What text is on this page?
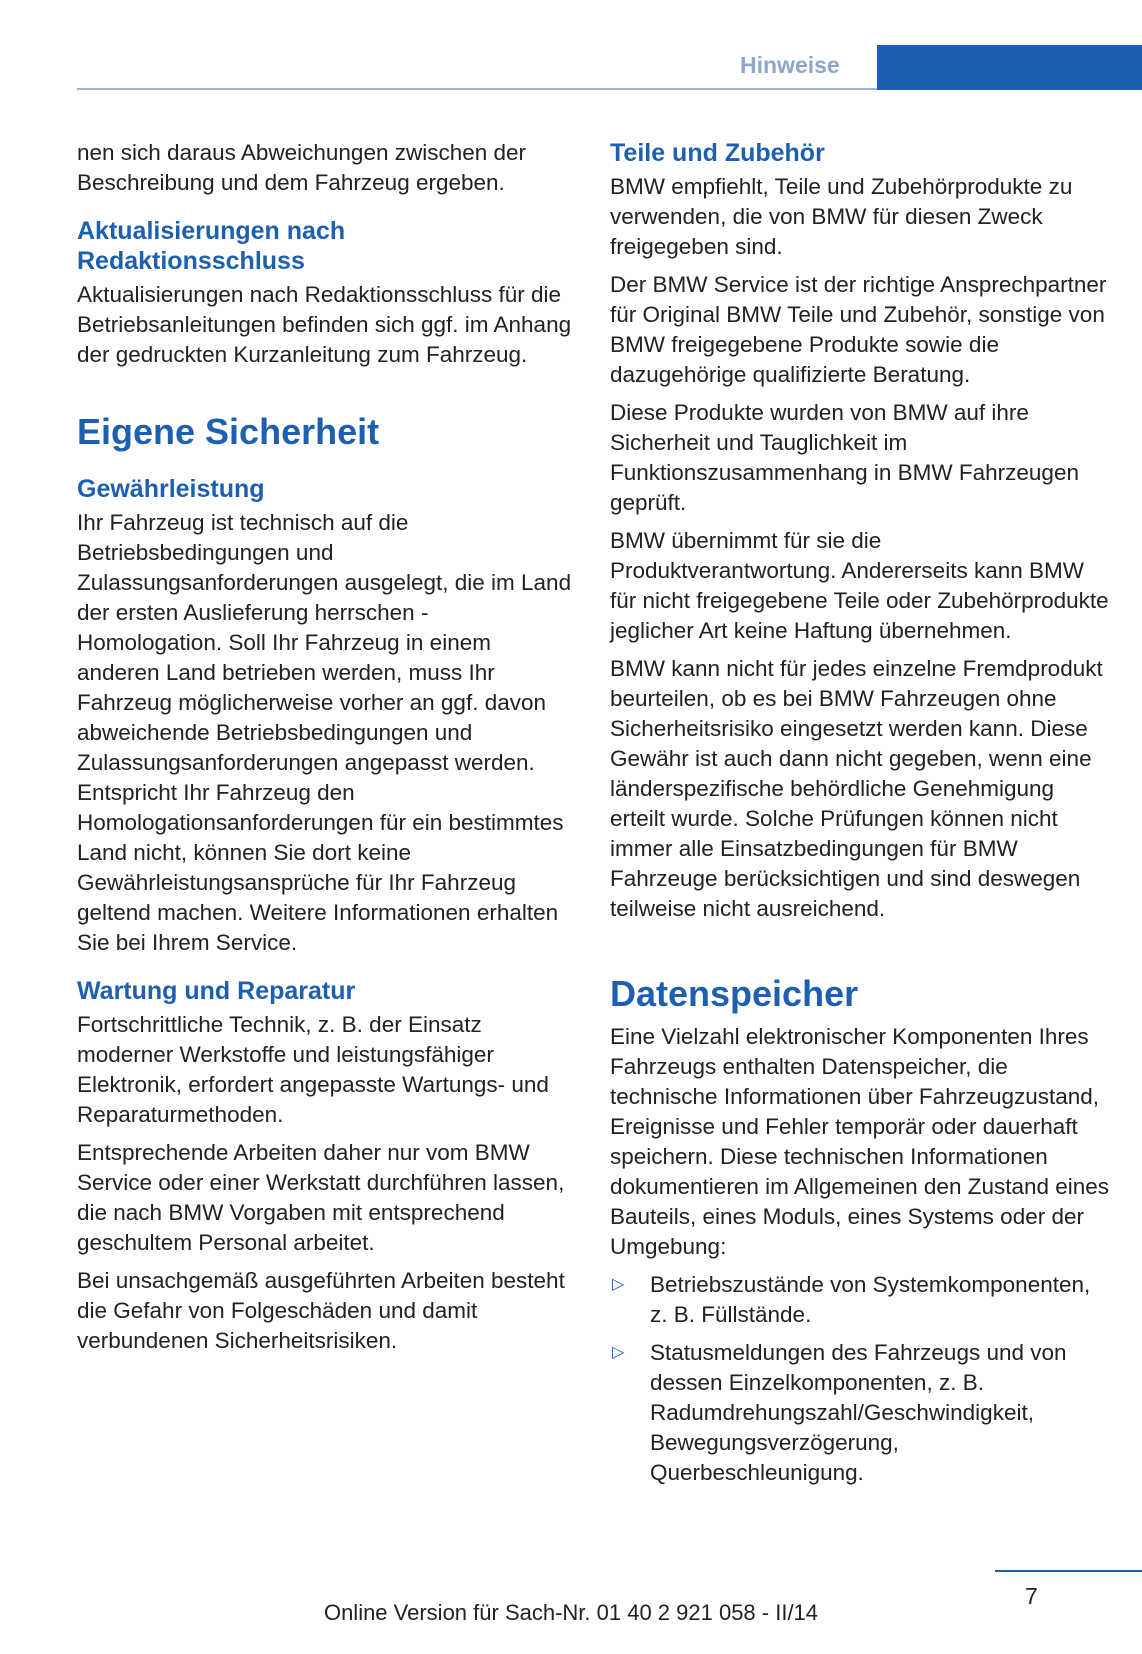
Hinweise

nen sich daraus Abweichungen zwischen der Beschreibung und dem Fahrzeug ergeben.

Aktualisierungen nach Redaktionsschluss

Aktualisierungen nach Redaktionsschluss für die Betriebsanleitungen befinden sich ggf. im Anhang der gedruckten Kurzanleitung zum Fahrzeug.

Eigene Sicherheit
Gewährleistung

Ihr Fahrzeug ist technisch auf die Betriebsbedingungen und Zulassungsanforderungen ausgelegt, die im Land der ersten Auslieferung herrschen - Homologation. Soll Ihr Fahrzeug in einem anderen Land betrieben werden, muss Ihr Fahrzeug möglicherweise vorher an ggf. davon abweichende Betriebsbedingungen und Zulassungsanforderungen angepasst werden. Entspricht Ihr Fahrzeug den Homologationsanforderungen für ein bestimmtes Land nicht, können Sie dort keine Gewährleistungsansprüche für Ihr Fahrzeug geltend machen. Weitere Informationen erhalten Sie bei Ihrem Service.

Wartung und Reparatur

Fortschrittliche Technik, z. B. der Einsatz moderner Werkstoffe und leistungsfähiger Elektronik, erfordert angepasste Wartungs- und Reparaturmethoden.

Entsprechende Arbeiten daher nur vom BMW Service oder einer Werkstatt durchführen lassen, die nach BMW Vorgaben mit entsprechend geschultem Personal arbeitet.

Bei unsachgemäß ausgeführten Arbeiten besteht die Gefahr von Folgeschäden und damit verbundenen Sicherheitsrisiken.

Teile und Zubehör

BMW empfiehlt, Teile und Zubehörprodukte zu verwenden, die von BMW für diesen Zweck freigegeben sind.

Der BMW Service ist der richtige Ansprechpartner für Original BMW Teile und Zubehör, sonstige von BMW freigegebene Produkte sowie die dazugehörige qualifizierte Beratung.

Diese Produkte wurden von BMW auf ihre Sicherheit und Tauglichkeit im Funktionszusammenhang in BMW Fahrzeugen geprüft.

BMW übernimmt für sie die Produktverantwortung. Andererseits kann BMW für nicht freigegebene Teile oder Zubehörprodukte jeglicher Art keine Haftung übernehmen.

BMW kann nicht für jedes einzelne Fremdprodukt beurteilen, ob es bei BMW Fahrzeugen ohne Sicherheitsrisiko eingesetzt werden kann. Diese Gewähr ist auch dann nicht gegeben, wenn eine länderspezifische behördliche Genehmigung erteilt wurde. Solche Prüfungen können nicht immer alle Einsatzbedingungen für BMW Fahrzeuge berücksichtigen und sind deswegen teilweise nicht ausreichend.

Datenspeicher

Eine Vielzahl elektronischer Komponenten Ihres Fahrzeugs enthalten Datenspeicher, die technische Informationen über Fahrzeugzustand, Ereignisse und Fehler temporär oder dauerhaft speichern. Diese technischen Informationen dokumentieren im Allgemeinen den Zustand eines Bauteils, eines Moduls, eines Systems oder der Umgebung:

▷ Betriebszustände von Systemkomponenten, z. B. Füllstände.
▷ Statusmeldungen des Fahrzeugs und von dessen Einzelkomponenten, z. B. Radumdrehungszahl/Geschwindigkeit, Bewegungsverzögerung, Querbeschleunigung.
7
Online Version für Sach-Nr. 01 40 2 921 058 - II/14
